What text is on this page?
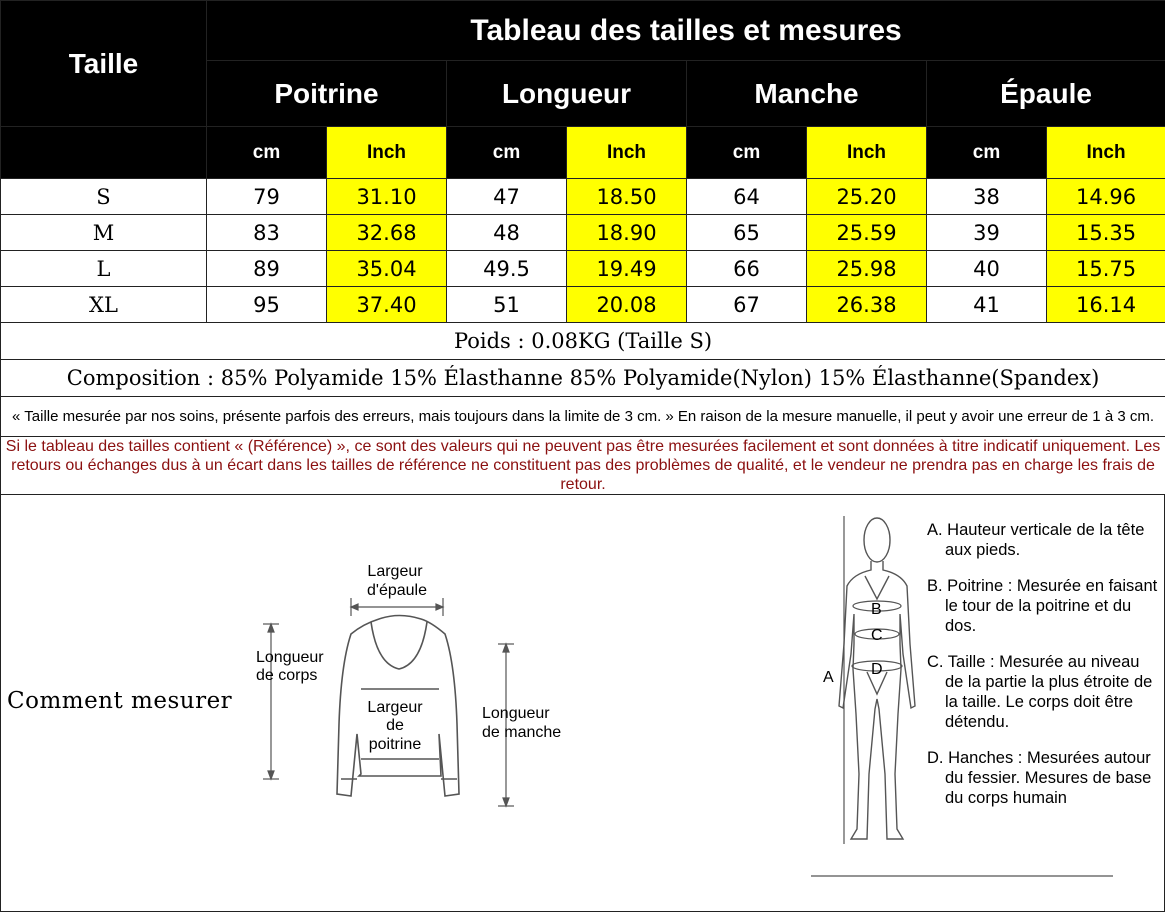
Taille	Tableau des tailles et mesures							
	Poitrine		Longueur		Manche		Épaule	
	cm	Inch	cm	Inch	cm	Inch	cm	Inch
S	79	31.10	47	18.50	64	25.20	38	14.96
M	83	32.68	48	18.90	65	25.59	39	15.35
L	89	35.04	49.5	19.49	66	25.98	40	15.75
XL	95	37.40	51	20.08	67	26.38	41	16.14
Poids : 0.08KG (Taille S)								
Composition : 85% Polyamide 15% Élasthanne 85% Polyamide(Nylon) 15% Élasthanne(Spandex)								
« Taille mesurée par nos soins, présente parfois des erreurs, mais toujours dans la limite de 3 cm. » En raison de la mesure manuelle, il peut y avoir une erreur de 1 à 3 cm.								
Si le tableau des tailles contient « (Référence) », ce sont des valeurs qui ne peuvent pas être mesurées facilement et sont données à titre indicatif uniquement. Les retours ou échanges dus à un écart dans les tailles de référence ne constituent pas des problèmes de qualité, et le vendeur ne prendra pas en charge les frais de retour.								
Comment mesurer
Largeur
d'épaule
Longueur
de corps
Largeur
de
poitrine
Longueur
de manche
A
B
C
D

A. Hauteur verticale de la tête aux pieds.

B. Poitrine : Mesurée en faisant le tour de la poitrine et du dos.

C. Taille : Mesurée au niveau de la partie la plus étroite de la taille. Le corps doit être détendu.

D. Hanches : Mesurées autour du fessier. Mesures de base du corps humain
